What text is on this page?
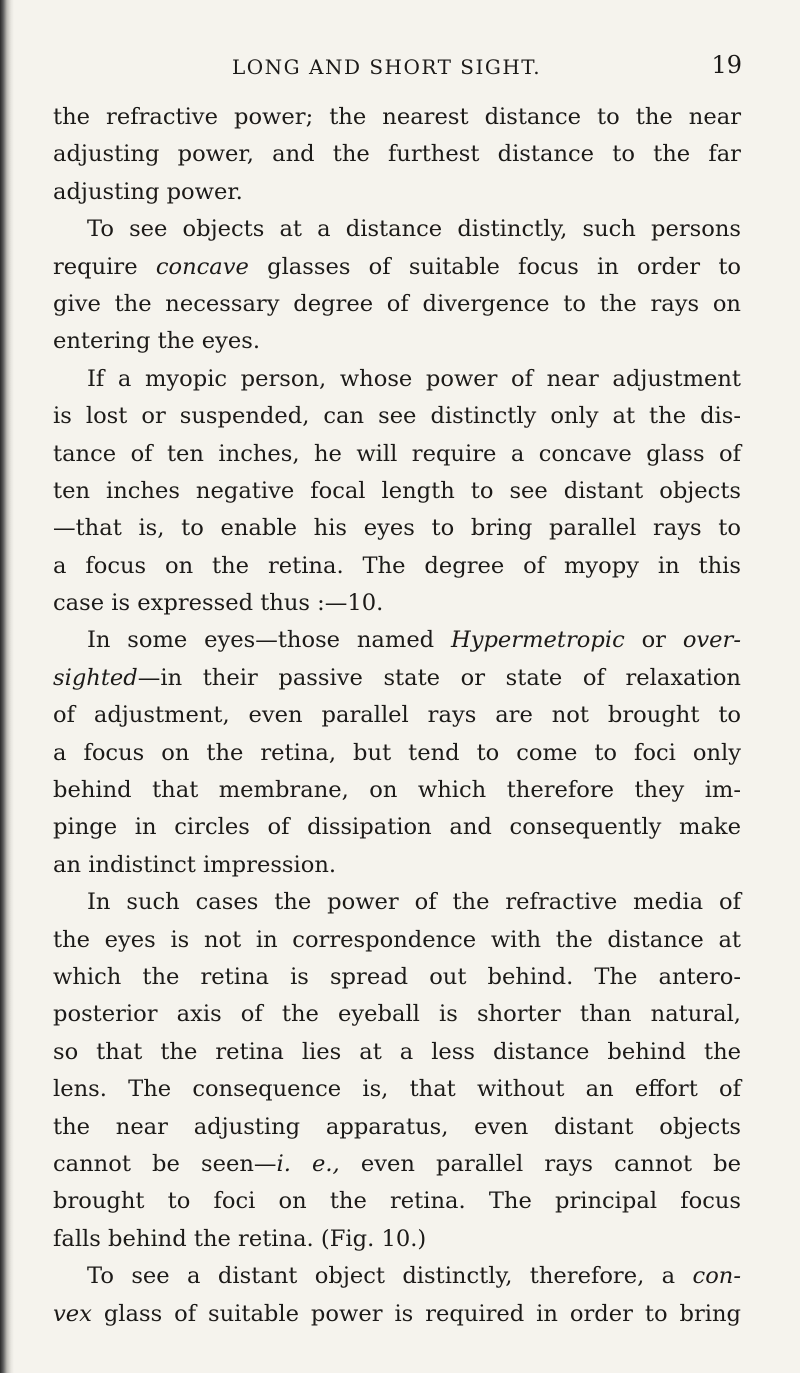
LONG AND SHORT SIGHT.	19
the refractive power; the nearest distance to the near
adjusting power, and the furthest distance to the far
adjusting power.
To see objects at a distance distinctly, such persons
require concave glasses of suitable focus in order to
give the necessary degree of divergence to the rays on
entering the eyes.
If a myopic person, whose power of near adjustment
is lost or suspended, can see distinctly only at the dis-
tance of ten inches, he will require a concave glass of
ten inches negative focal length to see distant objects
—that is, to enable his eyes to bring parallel rays to
a focus on the retina. The degree of myopy in this
case is expressed thus :—10.
In some eyes—those named Hypermetropic or over-
sighted—in their passive state or state of relaxation
of adjustment, even parallel rays are not brought to
a focus on the retina, but tend to come to foci only
behind that membrane, on which therefore they im-
pinge in circles of dissipation and consequently make
an indistinct impression.
In such cases the power of the refractive media of
the eyes is not in correspondence with the distance at
which the retina is spread out behind. The antero-
posterior axis of the eyeball is shorter than natural,
so that the retina lies at a less distance behind the
lens. The consequence is, that without an effort of
the near adjusting apparatus, even distant objects
cannot be seen—i. e., even parallel rays cannot be
brought to foci on the retina. The principal focus
falls behind the retina. (Fig. 10.)
To see a distant object distinctly, therefore, a con-
vex glass of suitable power is required in order to bring
